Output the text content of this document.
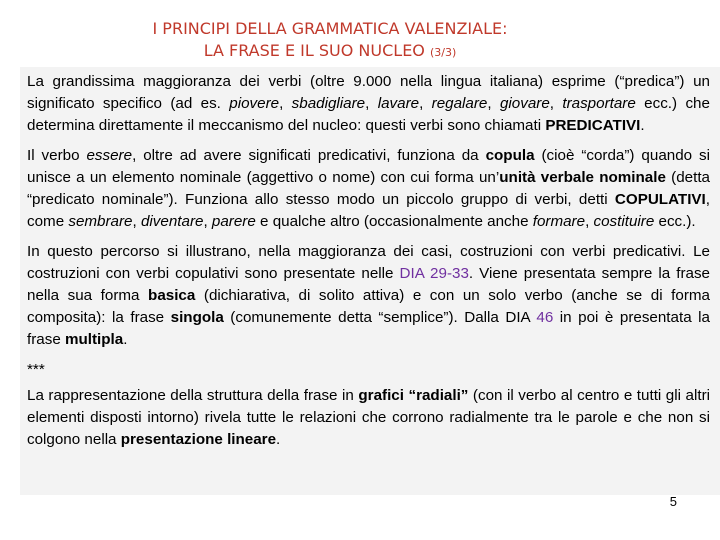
I PRINCIPI DELLA GRAMMATICA VALENZIALE:
LA FRASE E IL SUO NUCLEO (3/3)

La grandissima maggioranza dei verbi (oltre 9.000 nella lingua italiana) esprime (“predica”) un significato specifico (ad es. piovere, sbadigliare, lavare, regalare, giovare, trasportare ecc.) che determina direttamente il meccanismo del nucleo: questi verbi sono chiamati PREDICATIVI.

Il verbo essere, oltre ad avere significati predicativi, funziona da copula (cioè “corda”) quando si unisce a un elemento nominale (aggettivo o nome) con cui forma un’unità verbale nominale (detta “predicato nominale”). Funziona allo stesso modo un piccolo gruppo di verbi, detti COPULATIVI, come sembrare, diventare, parere e qualche altro (occasionalmente anche formare, costituire ecc.).

In questo percorso si illustrano, nella maggioranza dei casi, costruzioni con verbi predicativi. Le costruzioni con verbi copulativi sono presentate nelle DIA 29-33. Viene presentata sempre la frase nella sua forma basica (dichiarativa, di solito attiva) e con un solo verbo (anche se di forma composita): la frase singola (comunemente detta “semplice”). Dalla DIA 46 in poi è presentata la frase multipla.

***

La rappresentazione della struttura della frase in grafici “radiali” (con il verbo al centro e tutti gli altri elementi disposti intorno) rivela tutte le relazioni che corrono radialmente tra le parole e che non si colgono nella presentazione lineare.

5
